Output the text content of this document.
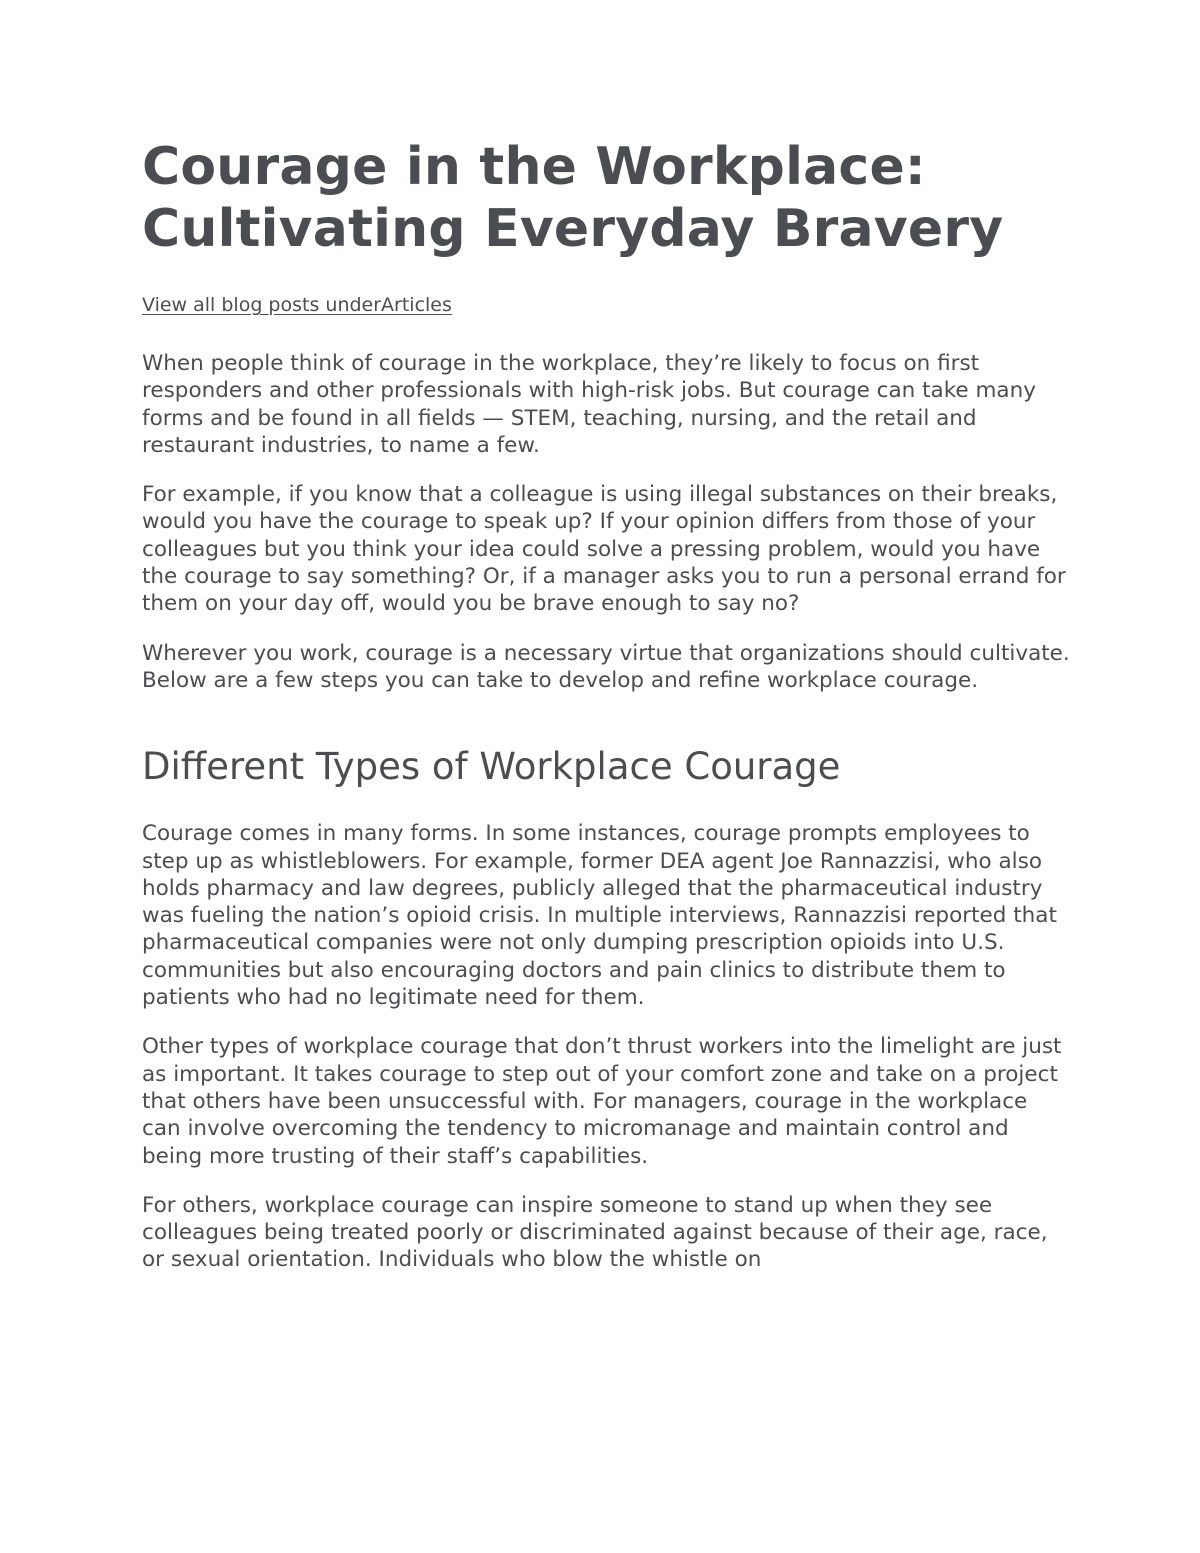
Courage in the Workplace:
Cultivating Everyday Bravery
View all blog posts underArticles

When people think of courage in the workplace, they’re likely to focus on first responders and other professionals with high-risk jobs. But courage can take many forms and be found in all fields — STEM, teaching, nursing, and the retail and restaurant industries, to name a few.

For example, if you know that a colleague is using illegal substances on their breaks, would you have the courage to speak up? If your opinion differs from those of your colleagues but you think your idea could solve a pressing problem, would you have the courage to say something? Or, if a manager asks you to run a personal errand for them on your day off, would you be brave enough to say no?

Wherever you work, courage is a necessary virtue that organizations should cultivate. Below are a few steps you can take to develop and refine workplace courage.

Different Types of Workplace Courage

Courage comes in many forms. In some instances, courage prompts employees to step up as whistleblowers. For example, former DEA agent Joe Rannazzisi, who also holds pharmacy and law degrees, publicly alleged that the pharmaceutical industry was fueling the nation’s opioid crisis. In multiple interviews, Rannazzisi reported that pharmaceutical companies were not only dumping prescription opioids into U.S. communities but also encouraging doctors and pain clinics to distribute them to patients who had no legitimate need for them.

Other types of workplace courage that don’t thrust workers into the limelight are just as important. It takes courage to step out of your comfort zone and take on a project that others have been unsuccessful with. For managers, courage in the workplace can involve overcoming the tendency to micromanage and maintain control and being more trusting of their staff’s capabilities.

For others, workplace courage can inspire someone to stand up when they see colleagues being treated poorly or discriminated against because of their age, race, or sexual orientation. Individuals who blow the whistle on
